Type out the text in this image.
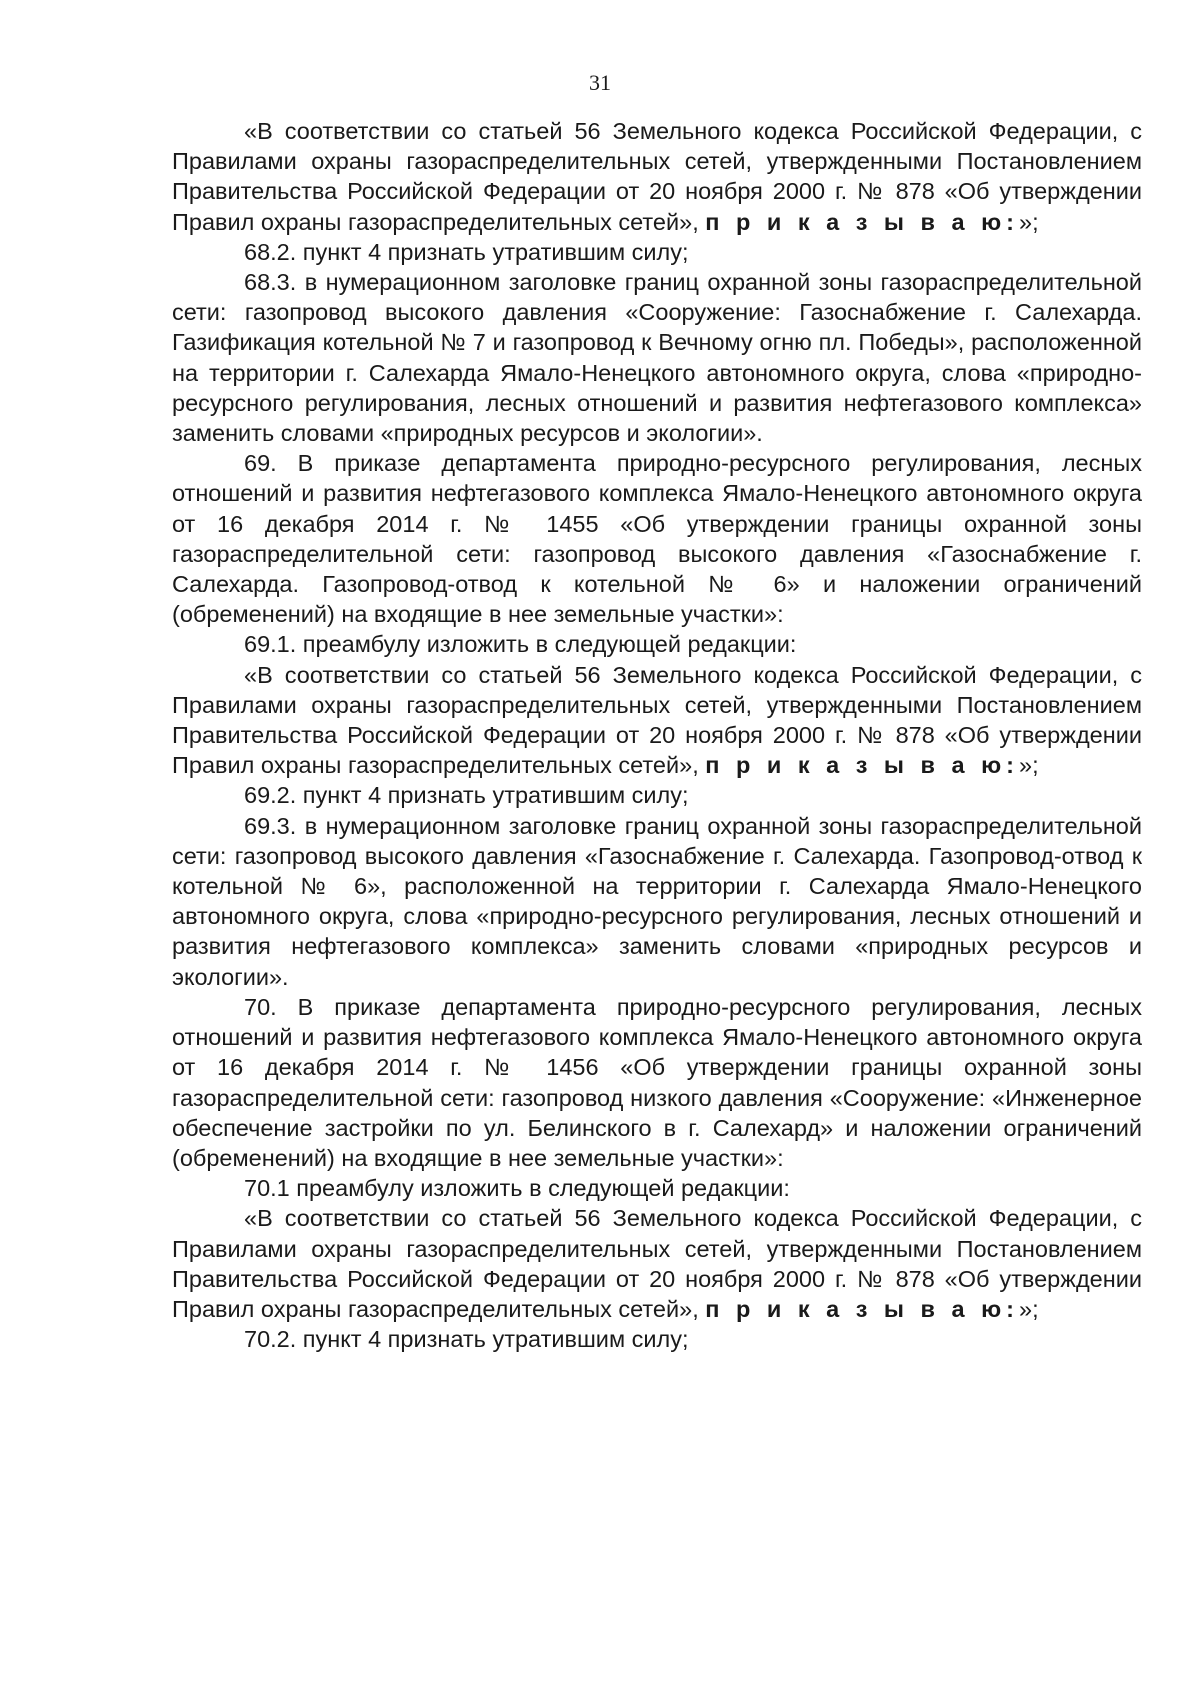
31

«В соответствии со статьей 56 Земельного кодекса Российской Федерации, с Правилами охраны газораспределительных сетей, утвержденными Постановлением Правительства Российской Федерации от 20 ноября 2000 г. № 878 «Об утверждении Правил охраны газораспределительных сетей», п р и к а з ы в а ю:»;

68.2. пункт 4 признать утратившим силу;

68.3. в нумерационном заголовке границ охранной зоны газораспределительной сети: газопровод высокого давления «Сооружение: Газоснабжение г. Салехарда. Газификация котельной № 7 и газопровод к Вечному огню пл. Победы», расположенной на территории г. Салехарда Ямало-Ненецкого автономного округа, слова «природно-ресурсного регулирования, лесных отношений и развития нефтегазового комплекса» заменить словами «природных ресурсов и экологии».

69. В приказе департамента природно-ресурсного регулирования, лесных отношений и развития нефтегазового комплекса Ямало-Ненецкого автономного округа от 16 декабря 2014 г. № 1455 «Об утверждении границы охранной зоны газораспределительной сети: газопровод высокого давления «Газоснабжение г. Салехарда. Газопровод-отвод к котельной № 6» и наложении ограничений (обременений) на входящие в нее земельные участки»:

69.1. преамбулу изложить в следующей редакции:

«В соответствии со статьей 56 Земельного кодекса Российской Федерации, с Правилами охраны газораспределительных сетей, утвержденными Постановлением Правительства Российской Федерации от 20 ноября 2000 г. № 878 «Об утверждении Правил охраны газораспределительных сетей», п р и к а з ы в а ю:»;

69.2. пункт 4 признать утратившим силу;

69.3. в нумерационном заголовке границ охранной зоны газораспределительной сети: газопровод высокого давления «Газоснабжение г. Салехарда. Газопровод-отвод к котельной № 6», расположенной на территории г. Салехарда Ямало-Ненецкого автономного округа, слова «природно-ресурсного регулирования, лесных отношений и развития нефтегазового комплекса» заменить словами «природных ресурсов и экологии».

70. В приказе департамента природно-ресурсного регулирования, лесных отношений и развития нефтегазового комплекса Ямало-Ненецкого автономного округа от 16 декабря 2014 г. № 1456 «Об утверждении границы охранной зоны газораспределительной сети: газопровод низкого давления «Сооружение: «Инженерное обеспечение застройки по ул. Белинского в г. Салехард» и наложении ограничений (обременений) на входящие в нее земельные участки»:

70.1 преамбулу изложить в следующей редакции:

«В соответствии со статьей 56 Земельного кодекса Российской Федерации, с Правилами охраны газораспределительных сетей, утвержденными Постановлением Правительства Российской Федерации от 20 ноября 2000 г. № 878 «Об утверждении Правил охраны газораспределительных сетей», п р и к а з ы в а ю:»;

70.2. пункт 4 признать утратившим силу;
